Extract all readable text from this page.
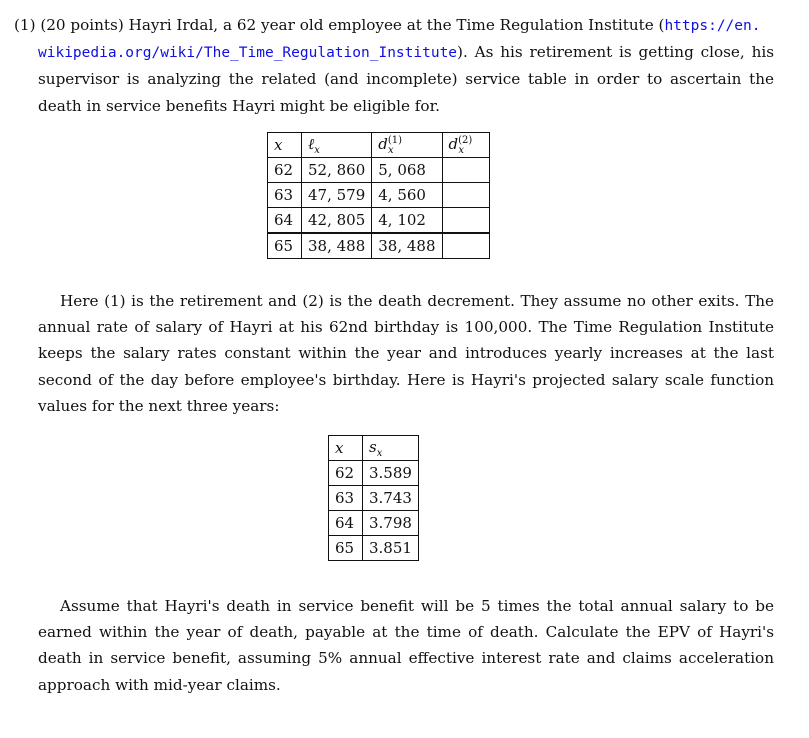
(1) (20 points) Hayri Irdal, a 62 year old employee at the Time Regulation Institute (https://en.
wikipedia.org/wiki/The_Time_Regulation_Institute). As his retirement is getting close, his supervisor is analyzing the related (and incomplete) service table in order to ascertain the death in service benefits Hayri might be eligible for.

x	ℓ$_x$	$d^{(1)}_x$	$d^{(2)}_x$
62	52, 860	5, 068	
63	47, 579	4, 560	
64	42, 805	4, 102	
65	38, 488	38, 488	

Here (1) is the retirement and (2) is the death decrement. They assume no other exits. The annual rate of salary of Hayri at his 62nd birthday is 100,000. The Time Regulation Institute keeps the salary rates constant within the year and introduces yearly increases at the last second of the day before employee's birthday. Here is Hayri's projected salary scale function values for the next three years:

x	$s_x$
62	3.589
63	3.743
64	3.798
65	3.851

Assume that Hayri's death in service benefit will be 5 times the total annual salary to be earned within the year of death, payable at the time of death. Calculate the EPV of Hayri's death in service benefit, assuming 5% annual effective interest rate and claims acceleration approach with mid-year claims.
